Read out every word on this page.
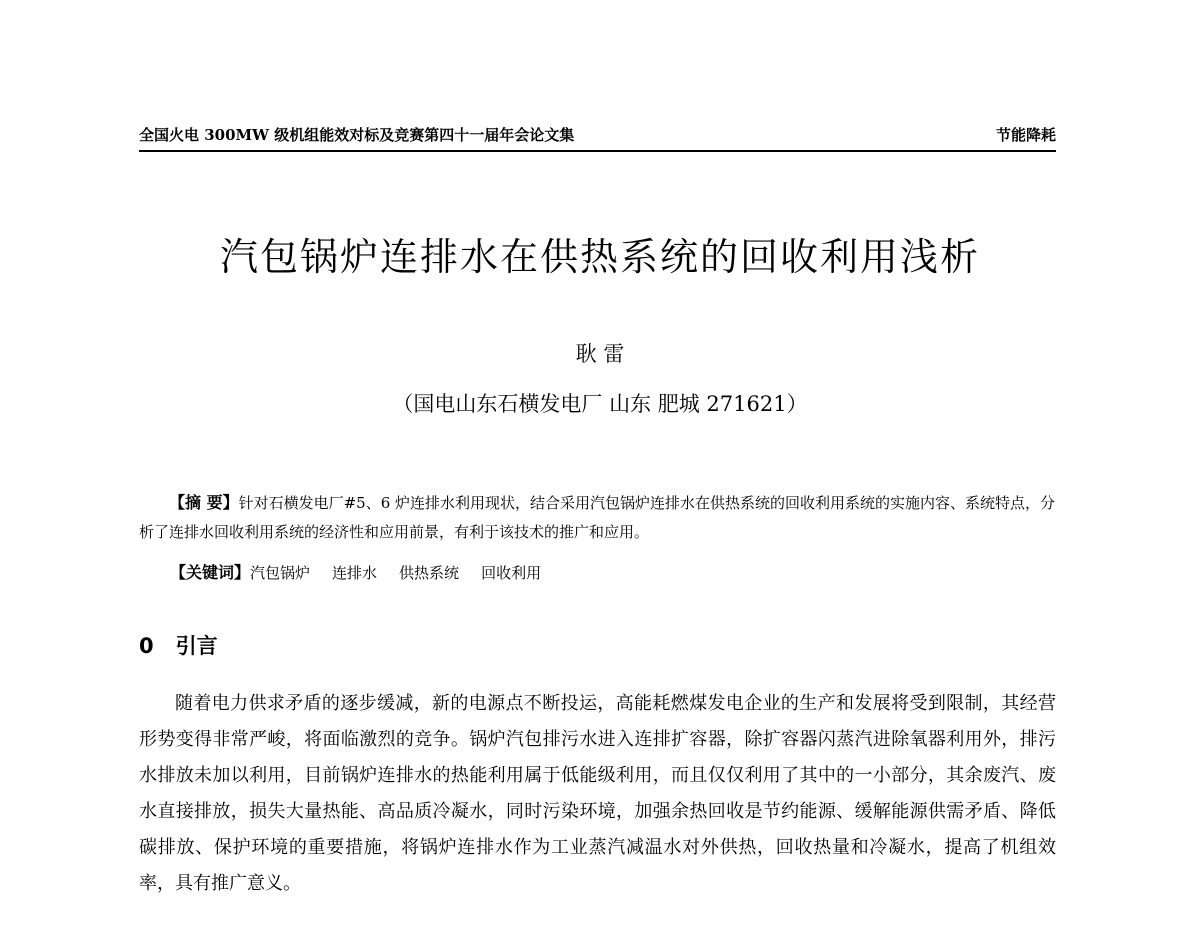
全国火电 300MW 级机组能效对标及竞赛第四十一届年会论文集	节能降耗
汽包锅炉连排水在供热系统的回收利用浅析
耿 雷
（国电山东石横发电厂 山东 肥城 271621）

【摘 要】针对石横发电厂#5、6 炉连排水利用现状，结合采用汽包锅炉连排水在供热系统的回收利用系统的实施内容、系统特点，分析了连排水回收利用系统的经济性和应用前景，有利于该技术的推广和应用。

【关键词】汽包锅炉 连排水 供热系统 回收利用
0 引言

随着电力供求矛盾的逐步缓减，新的电源点不断投运，高能耗燃煤发电企业的生产和发展将受到限制，其经营形势变得非常严峻，将面临激烈的竞争。锅炉汽包排污水进入连排扩容器，除扩容器闪蒸汽进除氧器利用外，排污水排放未加以利用，目前锅炉连排水的热能利用属于低能级利用，而且仅仅利用了其中的一小部分，其余废汽、废水直接排放，损失大量热能、高品质冷凝水，同时污染环境，加强余热回收是节约能源、缓解能源供需矛盾、降低碳排放、保护环境的重要措施，将锅炉连排水作为工业蒸汽减温水对外供热，回收热量和冷凝水，提高了机组效率，具有推广意义。
